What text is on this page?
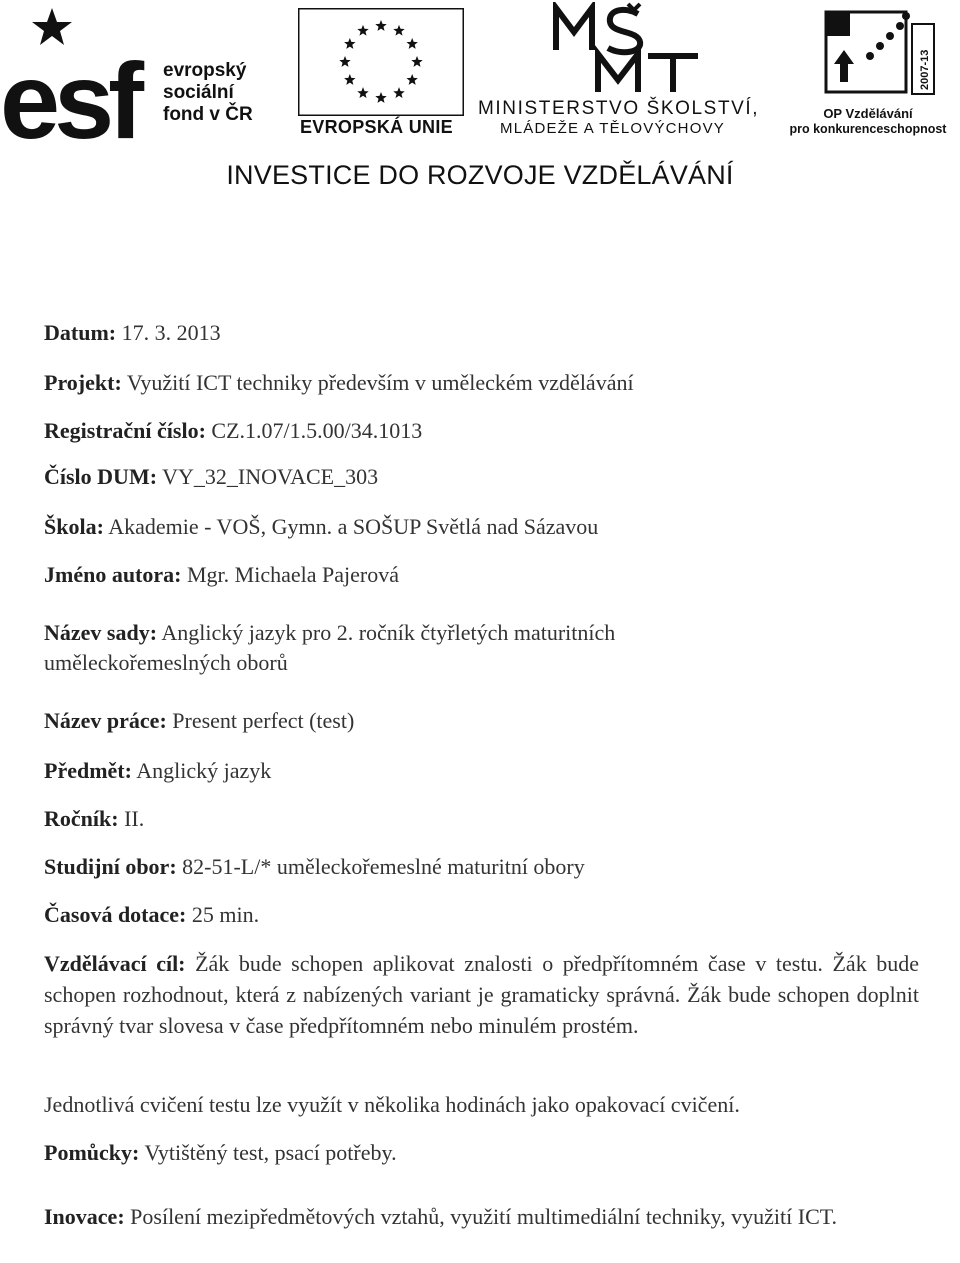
esf	evropský
sociální
fond v ČR
EVROPSKÁ UNIE
MINISTERSTVO ŠKOLSTVÍ,
MLÁDEŽE A TĚLOVÝCHOVY
2007-13
OP Vzdělávání
pro konkurenceschopnost
INVESTICE DO ROZVOJE VZDĚLÁVÁNÍ
Datum: 17. 3. 2013
Projekt: Využití ICT techniky především v uměleckém vzdělávání
Registrační číslo: CZ.1.07/1.5.00/34.1013
Číslo DUM: VY_32_INOVACE_303
Škola: Akademie - VOŠ, Gymn. a SOŠUP Světlá nad Sázavou
Jméno autora: Mgr. Michaela Pajerová
Název sady: Anglický jazyk pro 2. ročník čtyřletých maturitních uměleckořemeslných oborů
Název práce: Present perfect (test)
Předmět: Anglický jazyk
Ročník: II.
Studijní obor: 82-51-L/* uměleckořemeslné maturitní obory
Časová dotace: 25 min.
Vzdělávací cíl: Žák bude schopen aplikovat znalosti o předpřítomném čase v testu. Žák bude schopen rozhodnout, která z nabízených variant je gramaticky správná. Žák bude schopen doplnit správný tvar slovesa v čase předpřítomném nebo minulém prostém.
Jednotlivá cvičení testu lze využít v několika hodinách jako opakovací cvičení.
Pomůcky: Vytištěný test, psací potřeby.
Inovace: Posílení mezipředmětových vztahů, využití multimediální techniky, využití ICT.
